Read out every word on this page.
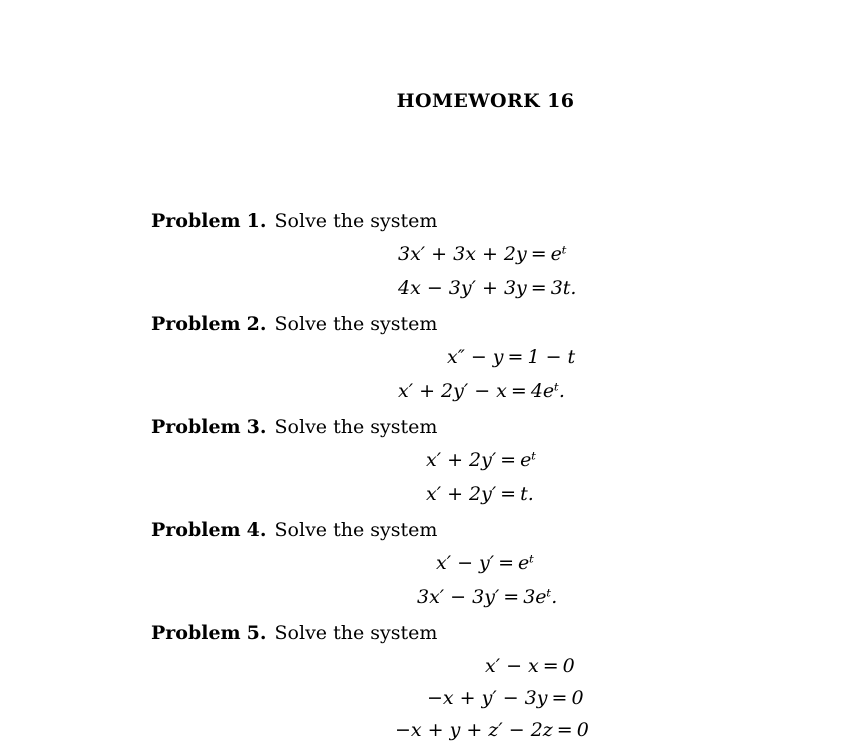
HOMEWORK 16
Problem 1. Solve the system
3x′ + 3x + 2y = eᵗ
4x − 3y′ + 3y = 3t.
Problem 2. Solve the system
x″ − y = 1 − t
x′ + 2y′ − x = 4eᵗ.
Problem 3. Solve the system
x′ + 2y′ = eᵗ
x′ + 2y′ = t.
Problem 4. Solve the system
x′ − y′ = eᵗ
3x′ − 3y′ = 3eᵗ.
Problem 5. Solve the system
x′ − x = 0
−x + y′ − 3y = 0
−x + y + z′ − 2z = 0
